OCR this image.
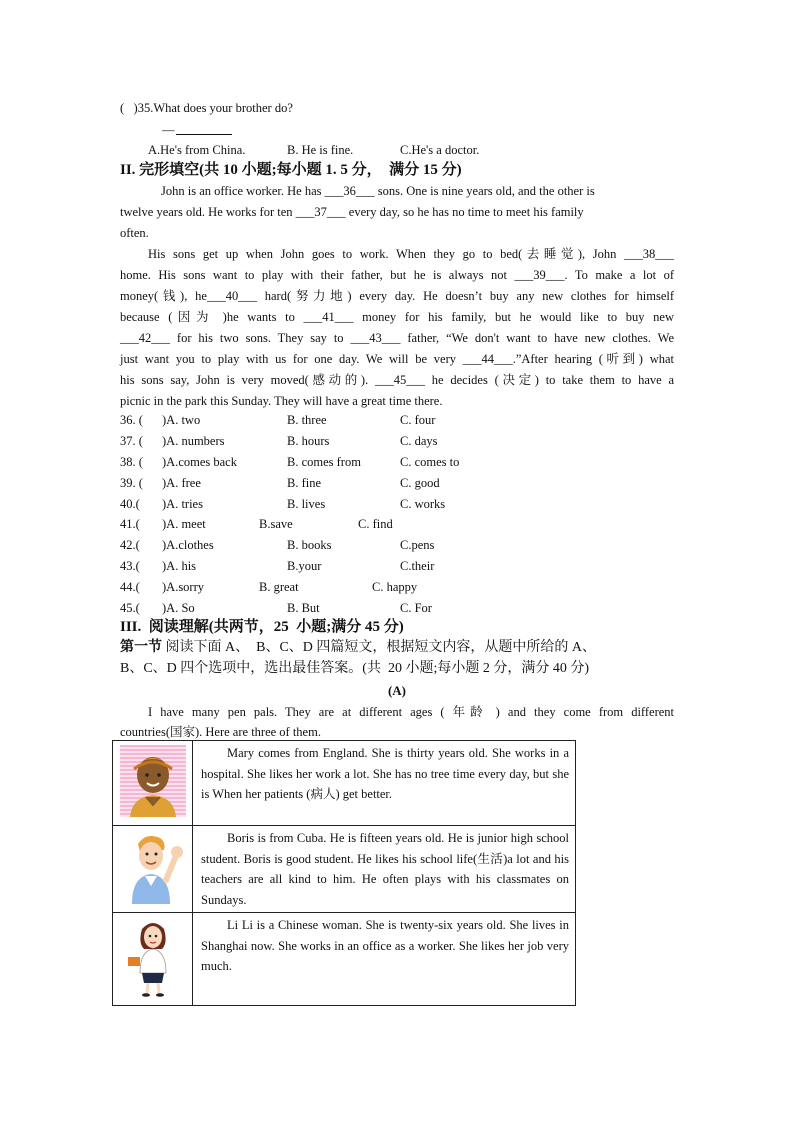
(   )35.What does your brother do?
—
A.He's from China.	B. He is fine.	C.He's a doctor.
II. 完形填空(共 10 小题;每小题 1. 5 分，  满分 15 分)
John is an office worker. He has ___36___ sons. One is nine years old, and the other is
twelve years old. He works for ten ___37___ every day, so he has no time to meet his family
often.
His sons get up when John goes to work. When they go to bed(去睡觉), John ___38___
home. His sons want to play with their father, but he is always not ___39___. To make a lot of
money(钱), he___40___ hard(努力地) every day. He doesn’t buy any new clothes for himself
because (因为 )he wants to ___41___ money for his family, but he would like to buy new
___42___ for his two sons. They say to ___43___ father, “We don't want to have new clothes. We
just want you to play with us for one day. We will be very ___44___.”After hearing (听到) what
his sons say, John is very moved(感动的). ___45___ he decides (决定) to take them to have a
picnic in the park this Sunday. They will have a great time there.
36. ( )A. two	B. three	C. four
37. ( )A. numbers	B. hours	C. days
38. ( )A.comes back	B. comes from	C. comes to
39. ( )A. free	B. fine	C. good
40.( )A. tries	B. lives	C. works
41.( )A. meet	B.save	C. find
42.( )A.clothes	B. books	C.pens
43.( )A. his	B.your	C.their
44.( )A.sorry	B. great	C. happy
45.( )A. So	B. But	C. For
III.  阅读理解(共两节，25  小题;满分 45 分)
第一节 阅读下面 A、  B、C、D 四篇短文，根据短文内容，从题中所给的 A、
B、C、D 四个选项中，选出最佳答案。(共  20 小题;每小题 2 分，满分 40 分)
(A)
I have many pen pals. They are at different ages ( 年龄 ) and they come from different
countries(国家). Here are three of them.

Mary comes from England. She is thirty years old. She works in a hospital. She likes her work a lot. She has no tree time every day, but she is When her patients (病人) get better.

Boris is from Cuba. He is fifteen years old. He is junior high school student. Boris is good student. He likes his school life(生活)a lot and his teachers are all kind to him. He often plays with his classmates on Sundays.

Li Li is a Chinese woman. She is twenty-six years old. She lives in Shanghai now. She works in an office as a worker. She likes her job very much.
